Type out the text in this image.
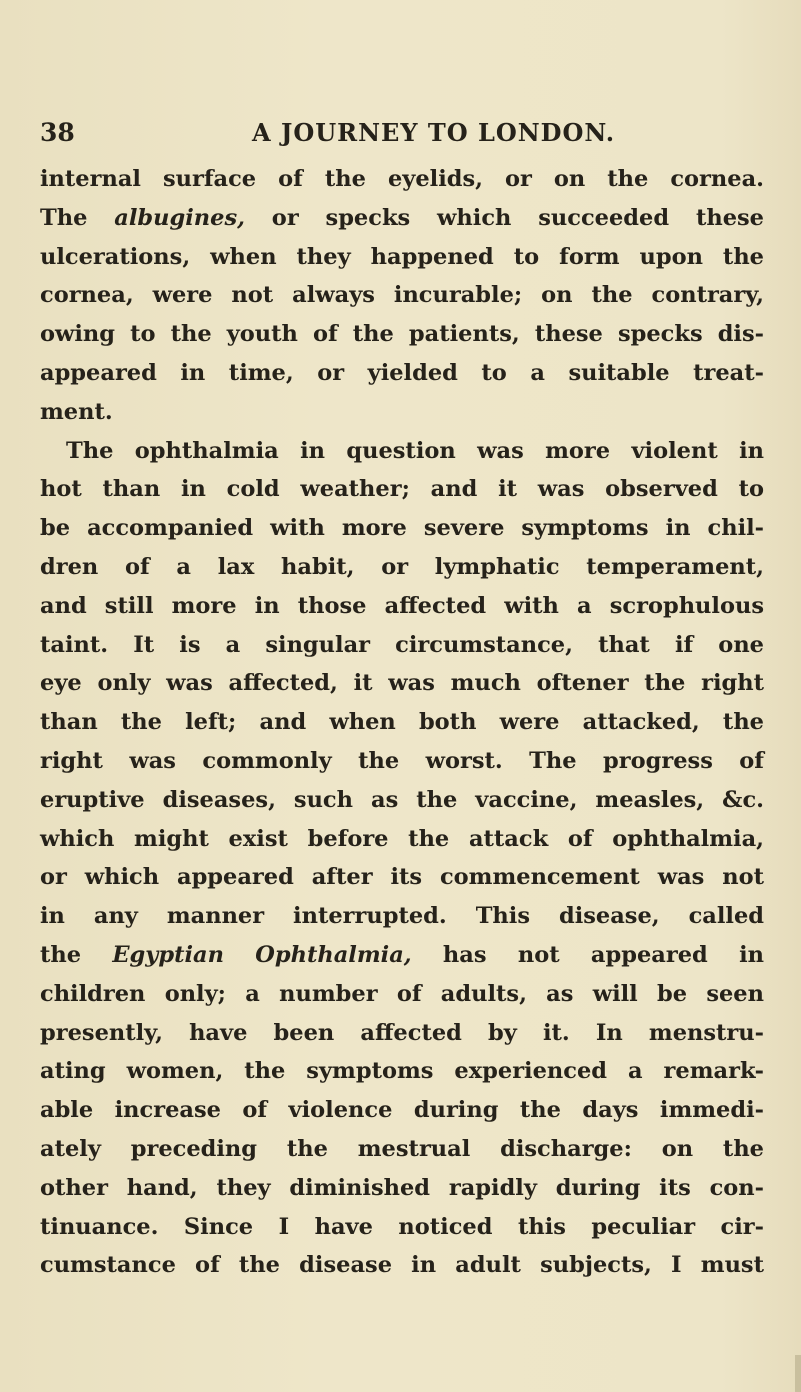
38	A JOURNEY TO LONDON.
internal surface of the eyelids, or on the cornea.
The albugines, or specks which succeeded these
ulcerations, when they happened to form upon the
cornea, were not always incurable; on the contrary,
owing to the youth of the patients, these specks dis-
appeared in time, or yielded to a suitable treat-
ment.
The ophthalmia in question was more violent in
hot than in cold weather; and it was observed to
be accompanied with more severe symptoms in chil-
dren of a lax habit, or lymphatic temperament,
and still more in those affected with a scrophulous
taint. It is a singular circumstance, that if one
eye only was affected, it was much oftener the right
than the left; and when both were attacked, the
right was commonly the worst. The progress of
eruptive diseases, such as the vaccine, measles, &c.
which might exist before the attack of ophthalmia,
or which appeared after its commencement was not
in any manner interrupted. This disease, called
the Egyptian Ophthalmia, has not appeared in
children only; a number of adults, as will be seen
presently, have been affected by it. In menstru-
ating women, the symptoms experienced a remark-
able increase of violence during the days immedi-
ately preceding the mestrual discharge: on the
other hand, they diminished rapidly during its con-
tinuance. Since I have noticed this peculiar cir-
cumstance of the disease in adult subjects, I must
